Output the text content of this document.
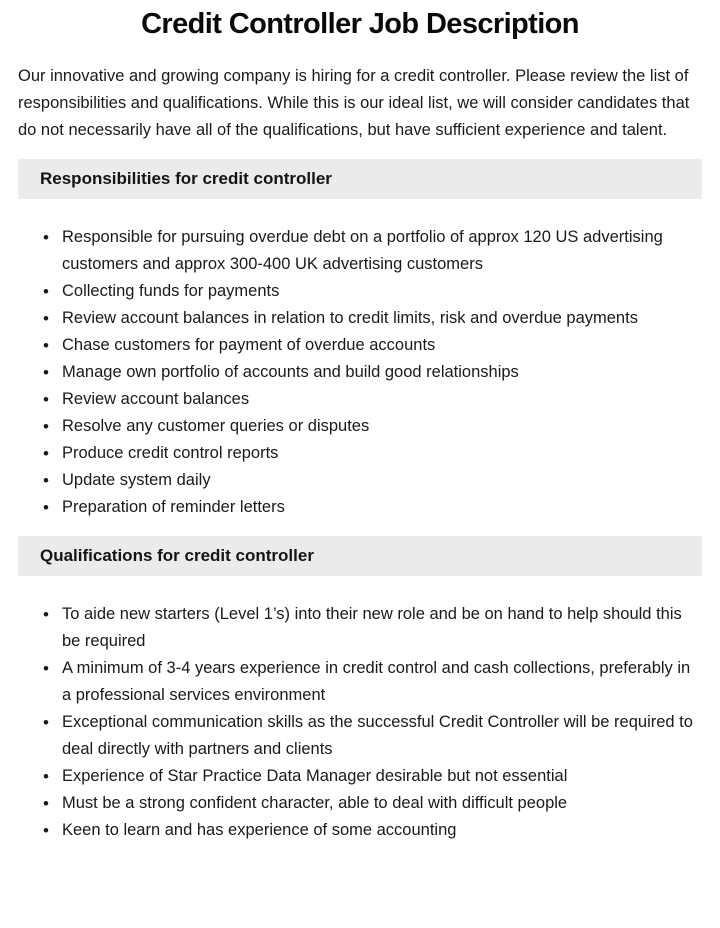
Credit Controller Job Description

Our innovative and growing company is hiring for a credit controller. Please review the list of responsibilities and qualifications. While this is our ideal list, we will consider candidates that do not necessarily have all of the qualifications, but have sufficient experience and talent.

Responsibilities for credit controller
• Responsible for pursuing overdue debt on a portfolio of approx 120 US advertising customers and approx 300-400 UK advertising customers
• Collecting funds for payments
• Review account balances in relation to credit limits, risk and overdue payments
• Chase customers for payment of overdue accounts
• Manage own portfolio of accounts and build good relationships
• Review account balances
• Resolve any customer queries or disputes
• Produce credit control reports
• Update system daily
• Preparation of reminder letters
Qualifications for credit controller
• To aide new starters (Level 1’s) into their new role and be on hand to help should this be required
• A minimum of 3-4 years experience in credit control and cash collections, preferably in a professional services environment
• Exceptional communication skills as the successful Credit Controller will be required to deal directly with partners and clients
• Experience of Star Practice Data Manager desirable but not essential
• Must be a strong confident character, able to deal with difficult people
• Keen to learn and has experience of some accounting
